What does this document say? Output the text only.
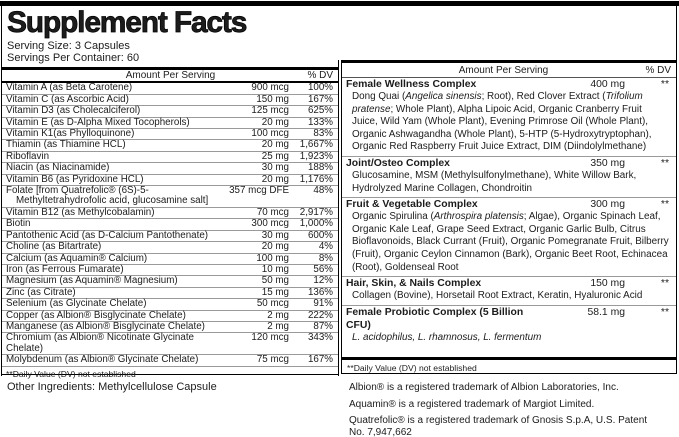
Supplement Facts
Serving Size: 3 Capsules
Servings Per Container: 60
Amount Per Serving	% DV
Vitamin A (as Beta Carotene)	900 mcg	100%
Vitamin C (as Ascorbic Acid)	150 mg	167%
Vitamin D3 (as Cholecalciferol)	125 mcg	625%
Vitamin E (as D-Alpha Mixed Tocopherols)	20 mg	133%
Vitamin K1(as Phylloquinone)	100 mcg	83%
Thiamin (as Thiamine HCL)	20 mg	1,667%
Riboflavin	25 mg	1,923%
Niacin (as Niacinamide)	30 mg	188%
Vitamin B6 (as Pyridoxine HCL)	20 mg	1,176%
Folate [from Quatrefolic® (6S)-5-
Methyltetrahydrofolic acid, glucosamine salt]
357 mcg DFE	48%
Vitamin B12 (as Methylcobalamin)	70 mcg	2,917%
Biotin	300 mcg	1,000%
Pantothenic Acid (as D-Calcium Pantothenate)	30 mg	600%
Choline (as Bitartrate)	20 mg	4%
Calcium (as Aquamin® Calcium)	100 mg	8%
Iron (as Ferrous Fumarate)	10 mg	56%
Magnesium (as Aquamin® Magnesium)	50 mg	12%
Zinc (as Citrate)	15 mg	136%
Selenium (as Glycinate Chelate)	50 mcg	91%
Copper (as Albion® Bisglycinate Chelate)	2 mg	222%
Manganese (as Albion® Bisglycinate Chelate)	2 mg	87%
Chromium (as Albion® Nicotinate Glycinate Chelate)
120 mcg	343%
Molybdenum (as Albion® Glycinate Chelate)	75 mcg	167%
**Daily Value (DV) not established
Amount Per Serving	% DV
Female Wellness Complex	400 mg	**
Dong Quai (Angelica sinensis; Root), Red Clover Extract (Trifolium pratense; Whole Plant), Alpha Lipoic Acid, Organic Cranberry Fruit Juice, Wild Yam (Whole Plant), Evening Primrose Oil (Whole Plant), Organic Ashwagandha (Whole Plant), 5-HTP (5-Hydroxytryptophan), Organic Red Raspberry Fruit Juice Extract, DIM (Diindolylmethane)
Joint/Osteo Complex	350 mg	**
Glucosamine, MSM (Methylsulfonylmethane), White Willow Bark, Hydrolyzed Marine Collagen, Chondroitin
Fruit & Vegetable Complex	300 mg	**
Organic Spirulina (Arthrospira platensis; Algae), Organic Spinach Leaf, Organic Kale Leaf, Grape Seed Extract, Organic Garlic Bulb, Citrus Bioflavonoids, Black Currant (Fruit), Organic Pomegranate Fruit, Bilberry (Fruit), Organic Ceylon Cinnamon (Bark), Organic Beet Root, Echinacea (Root), Goldenseal Root
Hair, Skin, & Nails Complex	150 mg	**
Collagen (Bovine), Horsetail Root Extract, Keratin, Hyaluronic Acid
Female Probiotic Complex (5 Billion CFU)
58.1 mg	**
L. acidophilus, L. rhamnosus, L. fermentum
**Daily Value (DV) not established
Other Ingredients: Methylcellulose Capsule	Albion® is a registered trademark of Albion Laboratories, Inc.

Aquamin® is a registered trademark of Margiot Limited.

Quatrefolic® is a registered trademark of Gnosis S.p.A, U.S. Patent No. 7,947,662
